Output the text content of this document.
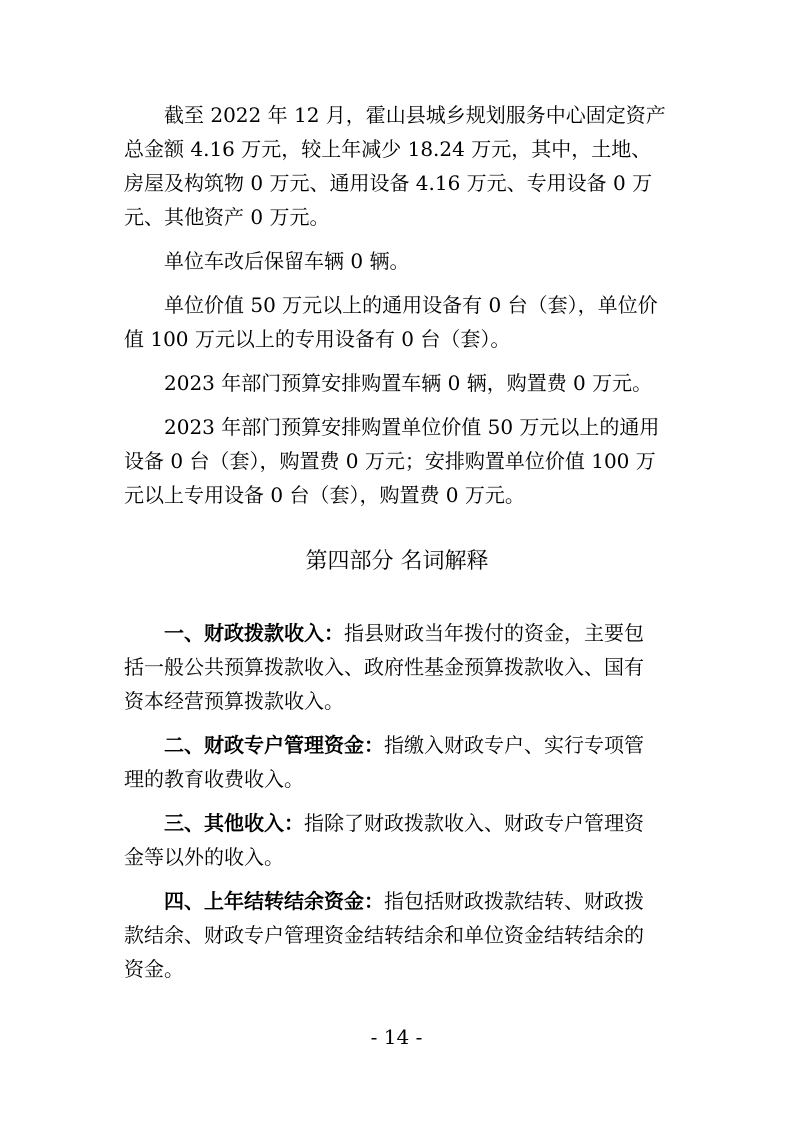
截至 2022 年 12 月，霍山县城乡规划服务中心固定资产
总金额 4.16 万元，较上年减少 18.24 万元，其中，土地、
房屋及构筑物 0 万元、通用设备 4.16 万元、专用设备 0 万
元、其他资产 0 万元。
单位车改后保留车辆 0 辆。
单位价值 50 万元以上的通用设备有 0 台（套），单位价
值 100 万元以上的专用设备有 0 台（套）。
2023 年部门预算安排购置车辆 0 辆，购置费 0 万元。
2023 年部门预算安排购置单位价值 50 万元以上的通用
设备 0 台（套），购置费 0 万元；安排购置单位价值 100 万
元以上专用设备 0 台（套），购置费 0 万元。
第四部分 名词解释
一、财政拨款收入：指县财政当年拨付的资金，主要包
括一般公共预算拨款收入、政府性基金预算拨款收入、国有
资本经营预算拨款收入。
二、财政专户管理资金：指缴入财政专户、实行专项管
理的教育收费收入。
三、其他收入：指除了财政拨款收入、财政专户管理资
金等以外的收入。
四、上年结转结余资金：指包括财政拨款结转、财政拨
款结余、财政专户管理资金结转结余和单位资金结转结余的
资金。
- 14 -
